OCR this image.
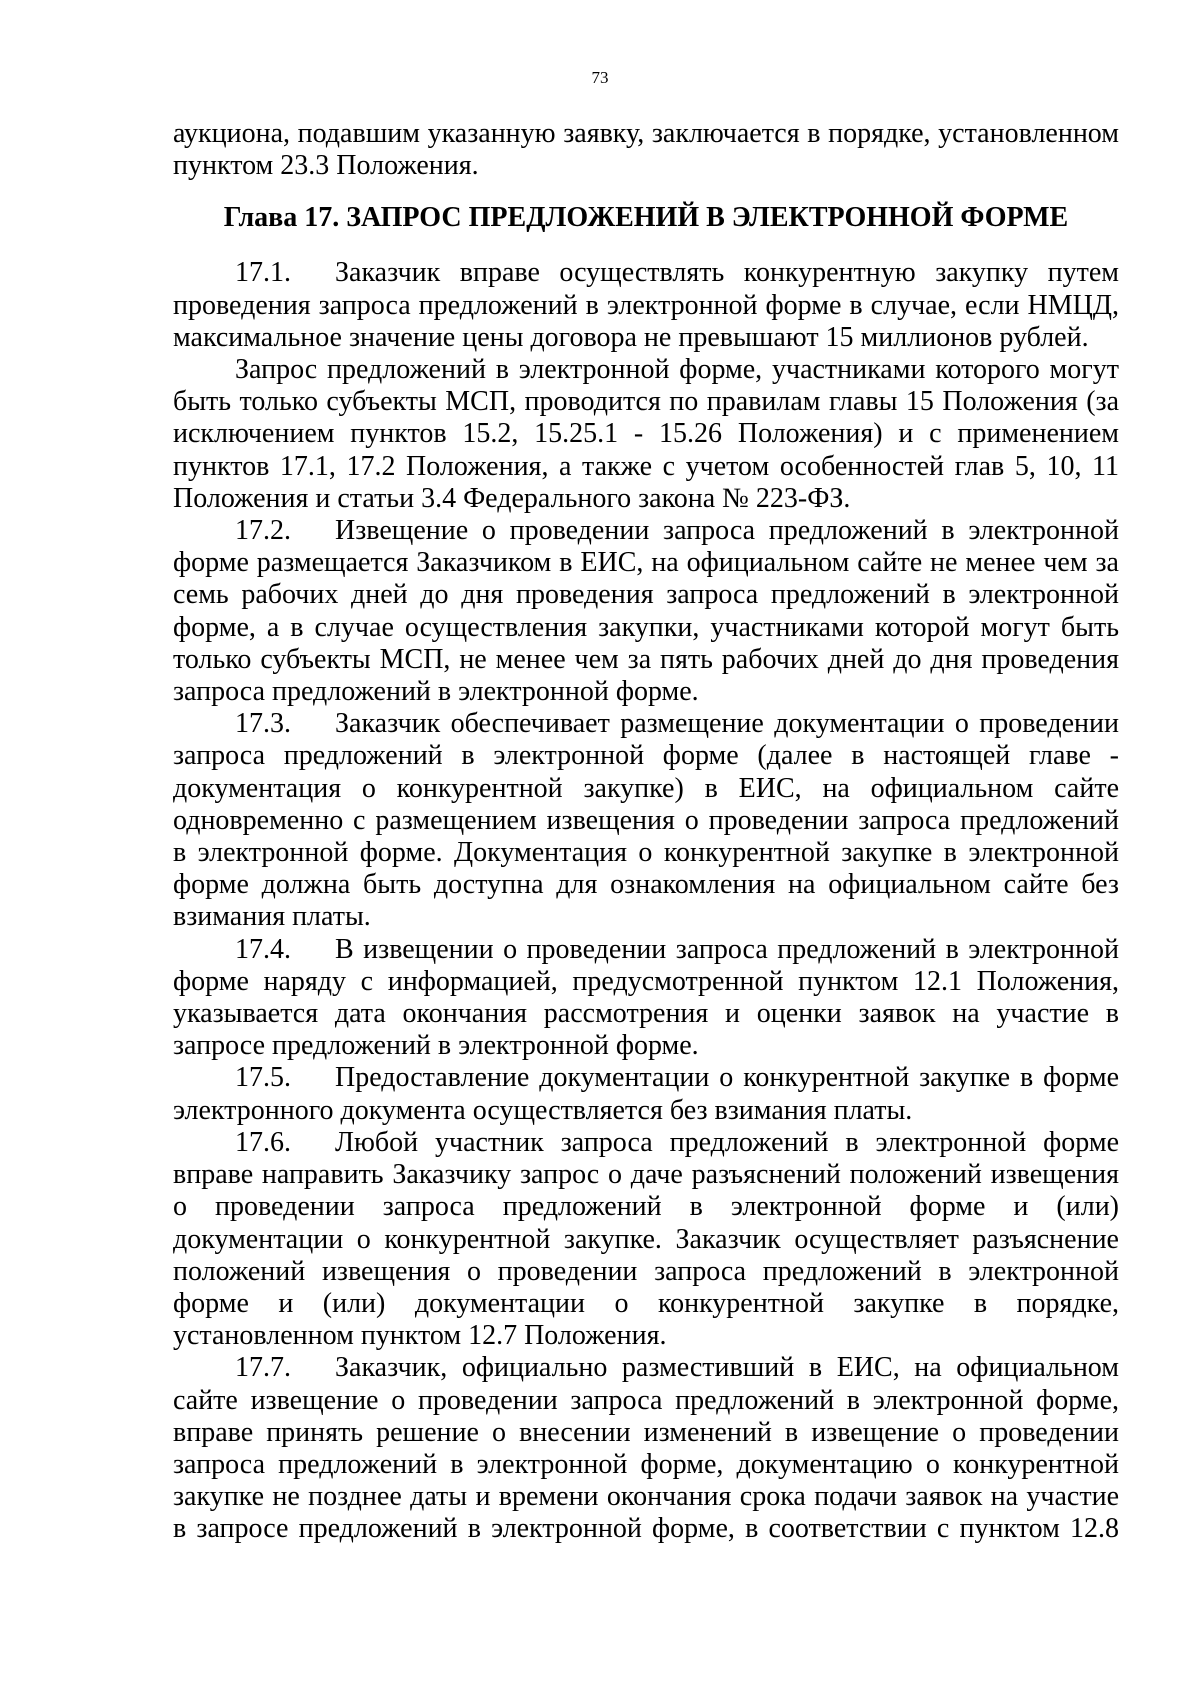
73

аукциона, подавшим указанную заявку, заключается в порядке, установленном пунктом 23.3 Положения.

Глава 17. ЗАПРОС ПРЕДЛОЖЕНИЙ В ЭЛЕКТРОННОЙ ФОРМЕ

17.1. Заказчик вправе осуществлять конкурентную закупку путем проведения запроса предложений в электронной форме в случае, если НМЦД, максимальное значение цены договора не превышают 15 миллионов рублей.

Запрос предложений в электронной форме, участниками которого могут быть только субъекты МСП, проводится по правилам главы 15 Положения (за исключением пунктов 15.2, 15.25.1 - 15.26 Положения) и с применением пунктов 17.1, 17.2 Положения, а также с учетом особенностей глав 5, 10, 11 Положения и статьи 3.4 Федерального закона № 223-ФЗ.

17.2. Извещение о проведении запроса предложений в электронной форме размещается Заказчиком в ЕИС, на официальном сайте не менее чем за семь рабочих дней до дня проведения запроса предложений в электронной форме, а в случае осуществления закупки, участниками которой могут быть только субъекты МСП, не менее чем за пять рабочих дней до дня проведения запроса предложений в электронной форме.

17.3. Заказчик обеспечивает размещение документации о проведении запроса предложений в электронной форме (далее в настоящей главе - документация о конкурентной закупке) в ЕИС, на официальном сайте одновременно с размещением извещения о проведении запроса предложений в электронной форме. Документация о конкурентной закупке в электронной форме должна быть доступна для ознакомления на официальном сайте без взимания платы.

17.4. В извещении о проведении запроса предложений в электронной форме наряду с информацией, предусмотренной пунктом 12.1 Положения, указывается дата окончания рассмотрения и оценки заявок на участие в запросе предложений в электронной форме.

17.5. Предоставление документации о конкурентной закупке в форме электронного документа осуществляется без взимания платы.

17.6. Любой участник запроса предложений в электронной форме вправе направить Заказчику запрос о даче разъяснений положений извещения о проведении запроса предложений в электронной форме и (или) документации о конкурентной закупке. Заказчик осуществляет разъяснение положений извещения о проведении запроса предложений в электронной форме и (или) документации о конкурентной закупке в порядке, установленном пунктом 12.7 Положения.

17.7. Заказчик, официально разместивший в ЕИС, на официальном сайте извещение о проведении запроса предложений в электронной форме, вправе принять решение о внесении изменений в извещение о проведении запроса предложений в электронной форме, документацию о конкурентной закупке не позднее даты и времени окончания срока подачи заявок на участие в запросе предложений в электронной форме, в соответствии с пунктом 12.8
